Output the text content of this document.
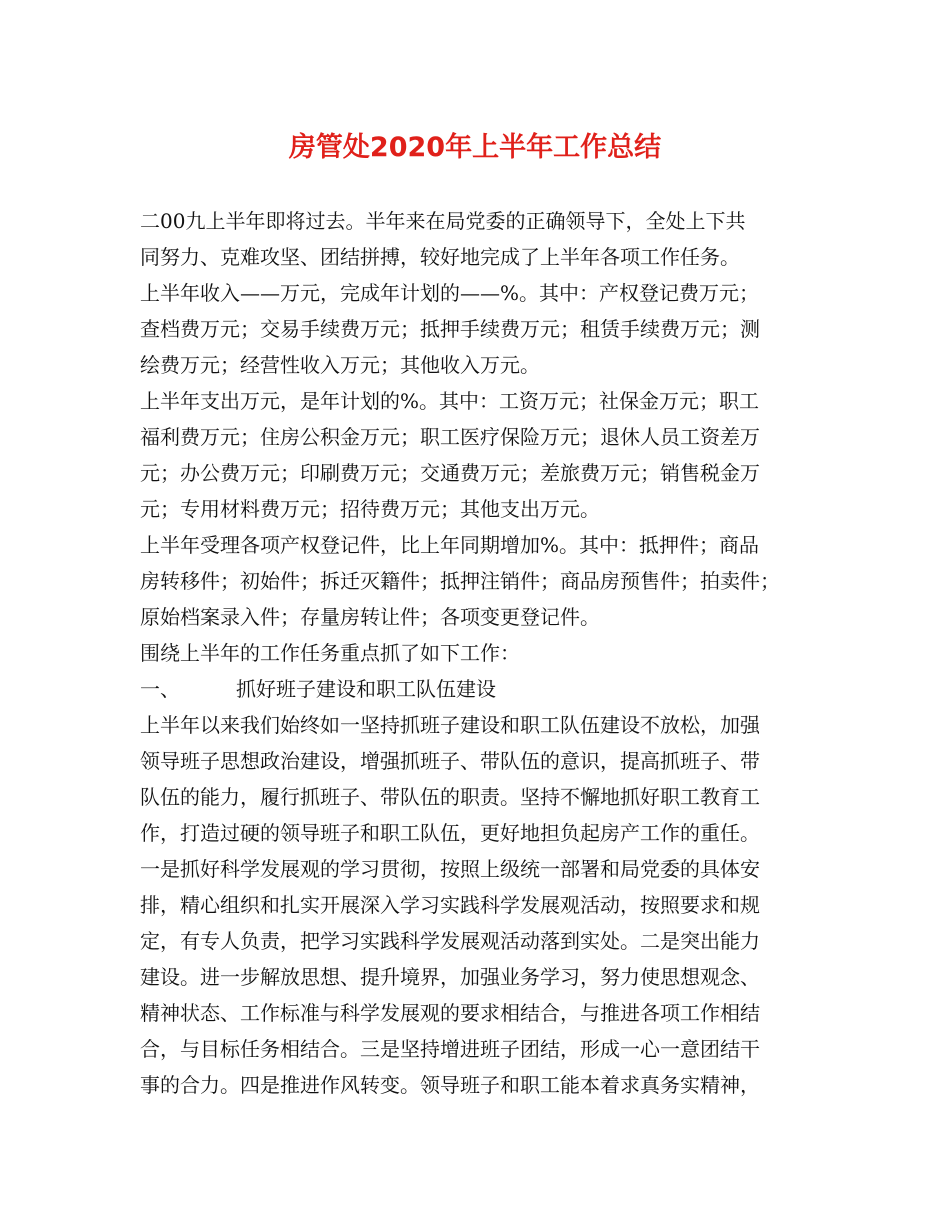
房管处2020年上半年工作总结
二00九上半年即将过去。半年来在局党委的正确领导下，全处上下共
同努力、克难攻坚、团结拼搏，较好地完成了上半年各项工作任务。
上半年收入——万元，完成年计划的——%。其中：产权登记费万元；
查档费万元；交易手续费万元；抵押手续费万元；租赁手续费万元；测
绘费万元；经营性收入万元；其他收入万元。
上半年支出万元，是年计划的%。其中：工资万元；社保金万元；职工
福利费万元；住房公积金万元；职工医疗保险万元；退休人员工资差万
元；办公费万元；印刷费万元；交通费万元；差旅费万元；销售税金万
元；专用材料费万元；招待费万元；其他支出万元。
上半年受理各项产权登记件，比上年同期增加%。其中：抵押件；商品
房转移件；初始件；拆迁灭籍件；抵押注销件；商品房预售件；拍卖件；
原始档案录入件；存量房转让件；各项变更登记件。
围绕上半年的工作任务重点抓了如下工作：
一、	抓好班子建设和职工队伍建设
上半年以来我们始终如一坚持抓班子建设和职工队伍建设不放松，加强
领导班子思想政治建设，增强抓班子、带队伍的意识，提高抓班子、带
队伍的能力，履行抓班子、带队伍的职责。坚持不懈地抓好职工教育工
作，打造过硬的领导班子和职工队伍，更好地担负起房产工作的重任。
一是抓好科学发展观的学习贯彻，按照上级统一部署和局党委的具体安
排，精心组织和扎实开展深入学习实践科学发展观活动，按照要求和规
定，有专人负责，把学习实践科学发展观活动落到实处。二是突出能力
建设。进一步解放思想、提升境界，加强业务学习，努力使思想观念、
精神状态、工作标准与科学发展观的要求相结合，与推进各项工作相结
合，与目标任务相结合。三是坚持增进班子团结，形成一心一意团结干
事的合力。四是推进作风转变。领导班子和职工能本着求真务实精神，
